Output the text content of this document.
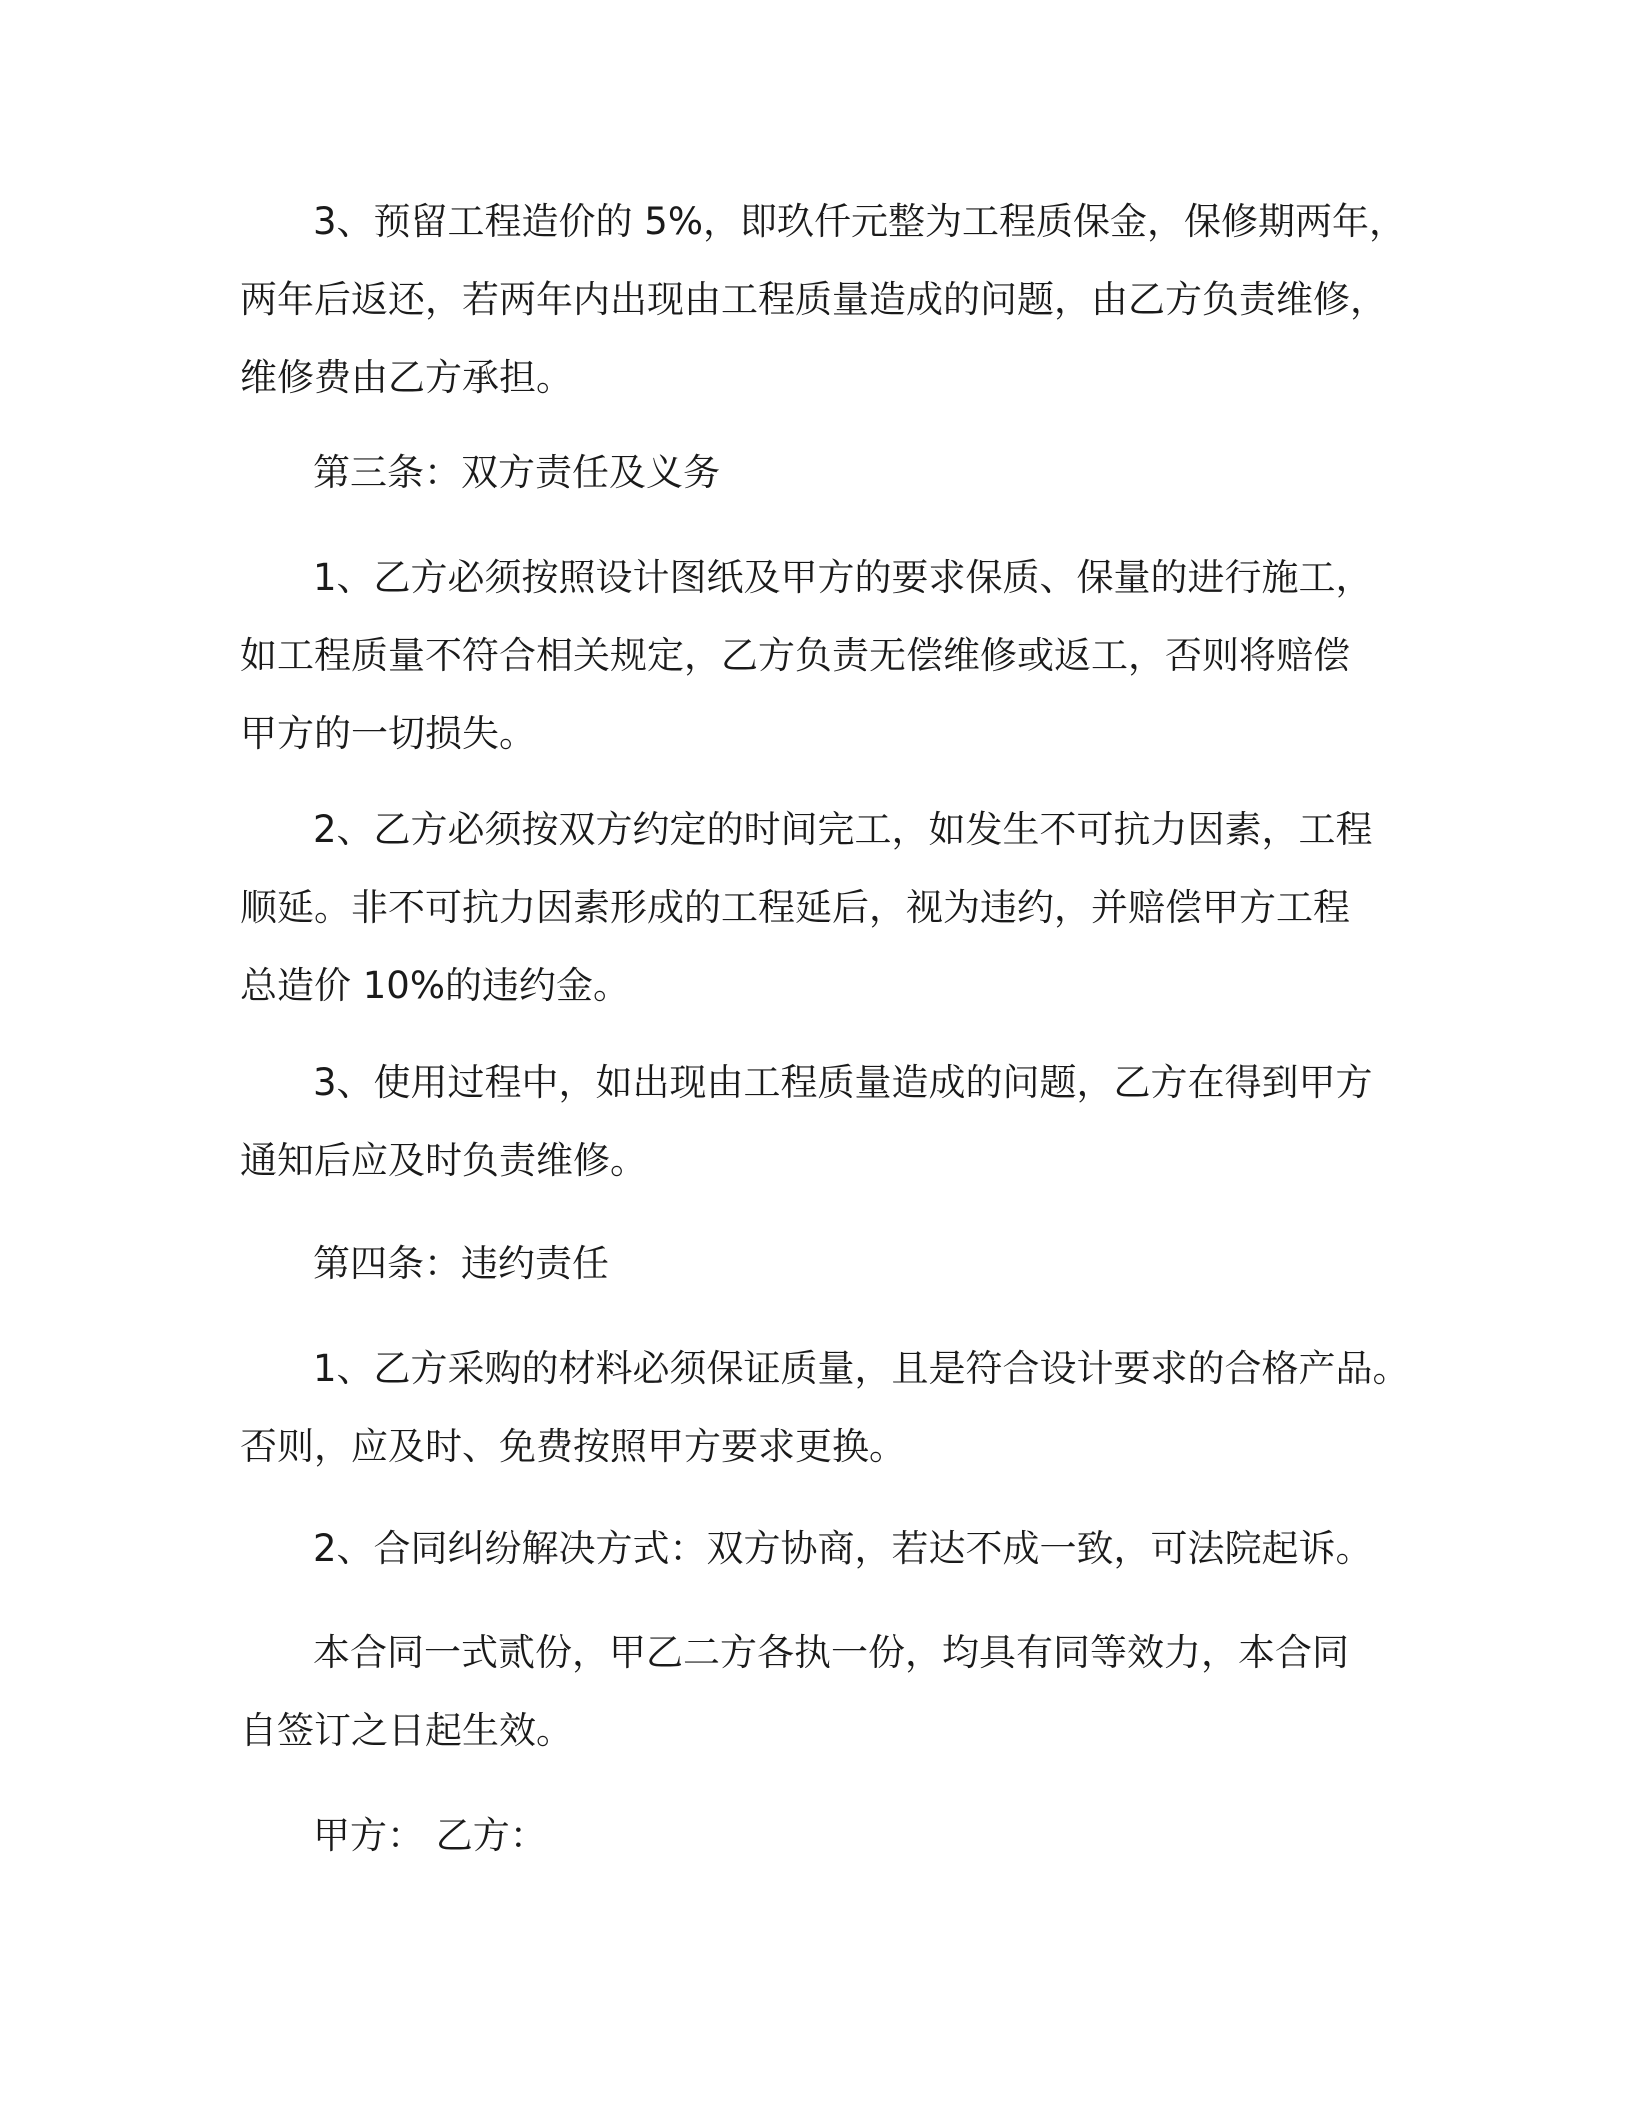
3、预留工程造价的 5%，即玖仟元整为工程质保金，保修期两年，
两年后返还，若两年内出现由工程质量造成的问题，由乙方负责维修，
维修费由乙方承担。
第三条：双方责任及义务
1、乙方必须按照设计图纸及甲方的要求保质、保量的进行施工，
如工程质量不符合相关规定，乙方负责无偿维修或返工，否则将赔偿
甲方的一切损失。
2、乙方必须按双方约定的时间完工，如发生不可抗力因素，工程
顺延。非不可抗力因素形成的工程延后，视为违约，并赔偿甲方工程
总造价 10%的违约金。
3、使用过程中，如出现由工程质量造成的问题，乙方在得到甲方
通知后应及时负责维修。
第四条：违约责任
1、乙方采购的材料必须保证质量，且是符合设计要求的合格产品。
否则，应及时、免费按照甲方要求更换。
2、合同纠纷解决方式：双方协商，若达不成一致，可法院起诉。
本合同一式贰份，甲乙二方各执一份，均具有同等效力，本合同
自签订之日起生效。
甲方： 乙方：
